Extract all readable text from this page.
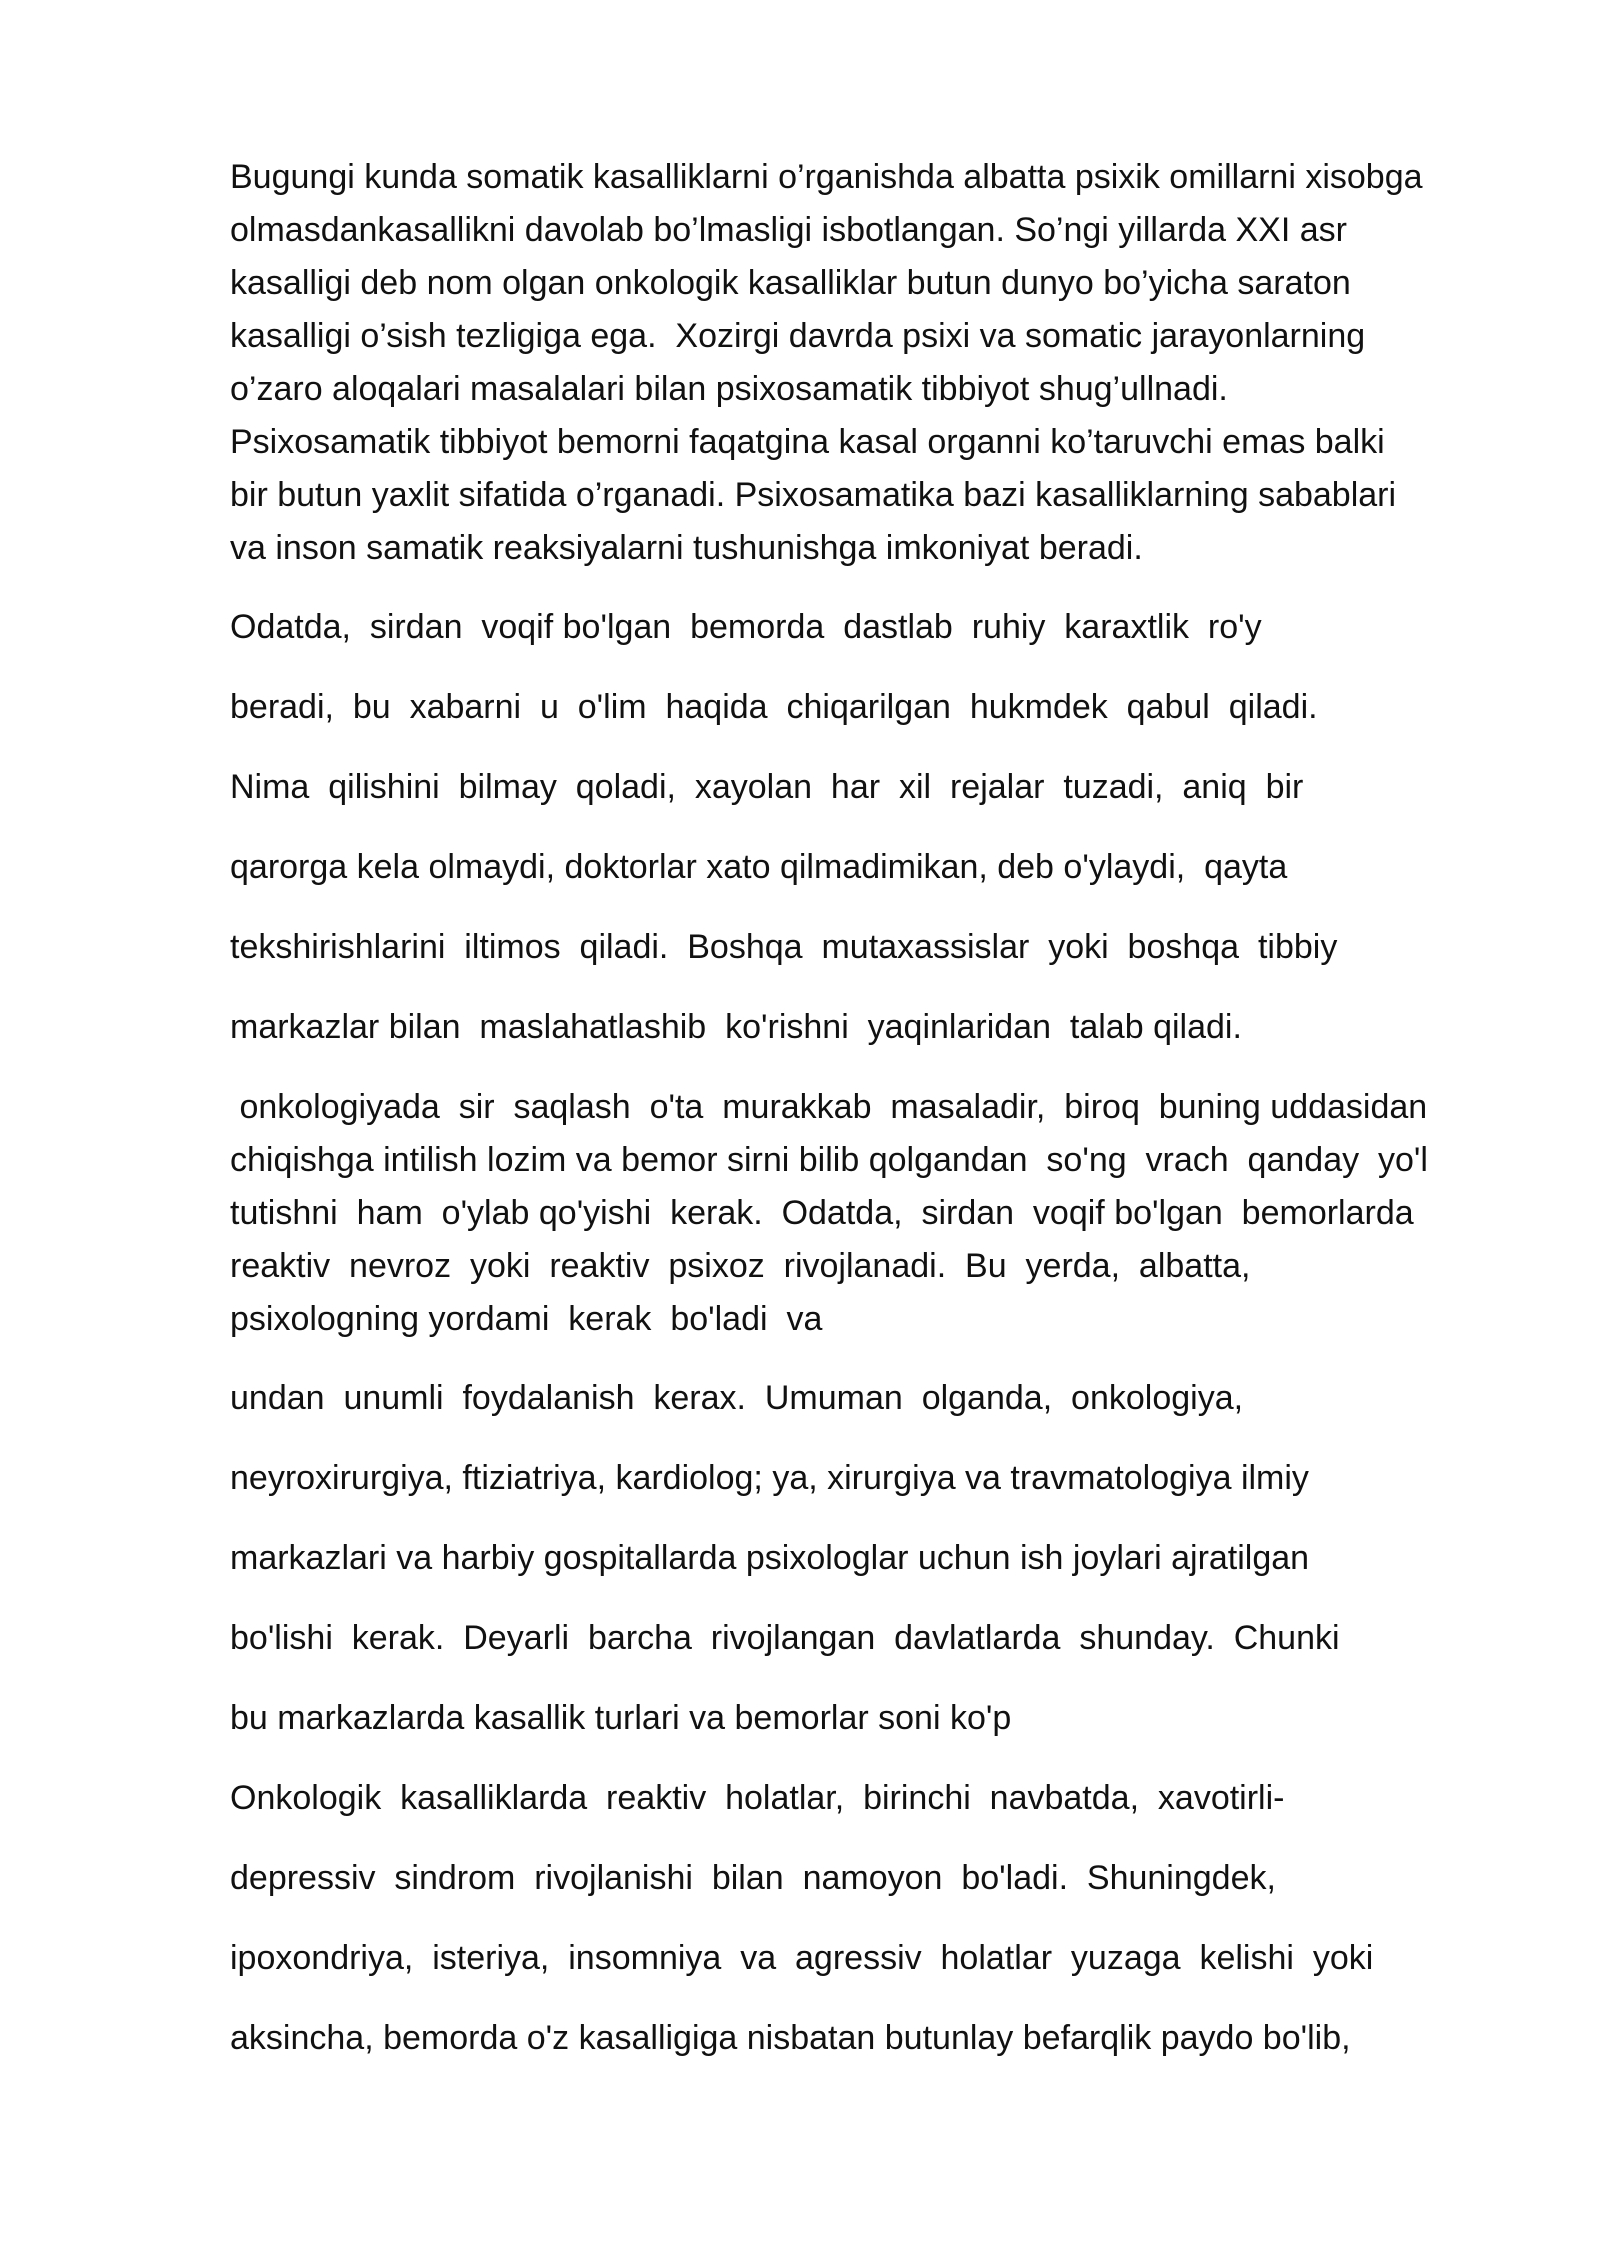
Bugungi kunda somatik kasalliklarni o’rganishda albatta psixik omillarni xisobga

olmasdankasallikni davolab bo’lmasligi isbotlangan. So’ngi yillarda XXI asr

kasalligi deb nom olgan onkologik kasalliklar butun dunyo bo’yicha saraton

kasalligi o’sish tezligiga ega.  Xozirgi davrda psixi va somatic jarayonlarning

o’zaro aloqalari masalalari bilan psixosamatik tibbiyot shug’ullnadi.

Psixosamatik tibbiyot bemorni faqatgina kasal organni ko’taruvchi emas balki

bir butun yaxlit sifatida o’rganadi. Psixosamatika bazi kasalliklarning sabablari

va inson samatik reaksiyalarni tushunishga imkoniyat beradi.

Odatda,  sirdan  voqif bo'lgan  bemorda  dastlab  ruhiy  karaxtlik  ro'y

beradi,  bu  xabarni  u  o'lim  haqida  chiqarilgan  hukmdek  qabul  qiladi.

Nima  qilishini  bilmay  qoladi,  xayolan  har  xil  rejalar  tuzadi,  aniq  bir

qarorga kela olmaydi, doktorlar xato qilmadimikan, deb o'ylaydi,  qayta

tekshirishlarini  iltimos  qiladi.  Boshqa  mutaxassislar  yoki  boshqa  tibbiy

markazlar bilan  maslahatlashib  ko'rishni  yaqinlaridan  talab qiladi.

onkologiyada  sir  saqlash  o'ta  murakkab  masaladir,  biroq  buning uddasidan

chiqishga intilish lozim va bemor sirni bilib qolgandan  so'ng  vrach  qanday  yo'l

tutishni  ham  o'ylab qo'yishi  kerak.  Odatda,  sirdan  voqif bo'lgan  bemorlarda

reaktiv  nevroz  yoki  reaktiv  psixoz  rivojlanadi.  Bu  yerda,  albatta,

psixologning yordami  kerak  bo'ladi  va

undan  unumli  foydalanish  kerax.  Umuman  olganda,  onkologiya,

neyroxirurgiya, ftiziatriya, kardiolog; ya, xirurgiya va travmatologiya ilmiy

markazlari va harbiy gospitallarda psixologlar uchun ish joylari ajratilgan

bo'lishi  kerak.  Deyarli  barcha  rivojlangan  davlatlarda  shunday.  Chunki

bu markazlarda kasallik turlari va bemorlar soni ko'p

Onkologik  kasalliklarda  reaktiv  holatlar,  birinchi  navbatda,  xavotirli-

depressiv  sindrom  rivojlanishi  bilan  namoyon  bo'ladi.  Shuningdek,

ipoxondriya,  isteriya,  insomniya  va  agressiv  holatlar  yuzaga  kelishi  yoki

aksincha, bemorda o'z kasalligiga nisbatan butunlay befarqlik paydo bo'lib,
